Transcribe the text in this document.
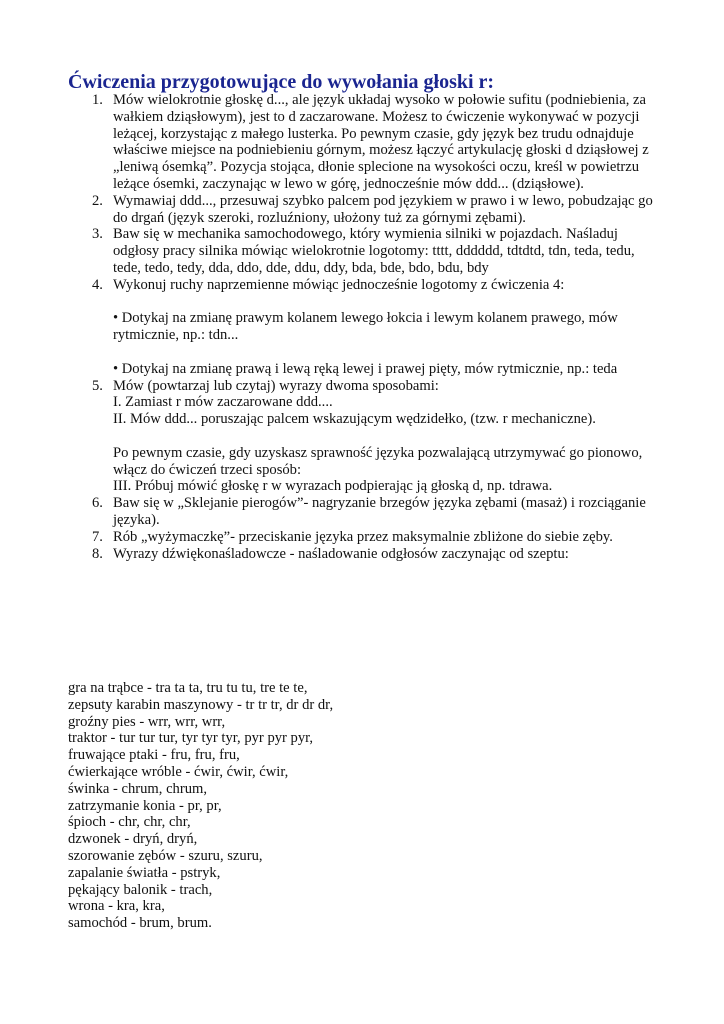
Ćwiczenia przygotowujące do wywołania głoski r:
1. Mów wielokrotnie głoskę d..., ale język układaj wysoko w połowie sufitu (podniebienia, za wałkiem dziąsłowym), jest to d zaczarowane. Możesz to ćwiczenie wykonywać w pozycji leżącej, korzystając z małego lusterka. Po pewnym czasie, gdy język bez trudu odnajduje właściwe miejsce na podniebieniu górnym, możesz łączyć artykulację głoski d dziąsłowej z „leniwą ósemką”. Pozycja stojąca, dłonie splecione na wysokości oczu, kreśl w powietrzu leżące ósemki, zaczynając w lewo w górę, jednocześnie mów ddd... (dziąsłowe).

2. Wymawiaj ddd..., przesuwaj szybko palcem pod językiem w prawo i w lewo, pobudzając go do drgań (język szeroki, rozluźniony, ułożony tuż za górnymi zębami).

3. Baw się w mechanika samochodowego, który wymienia silniki w pojazdach. Naśladuj odgłosy pracy silnika mówiąc wielokrotnie logotomy: tttt, dddddd, tdtdtd, tdn, teda, tedu, tede, tedo, tedy, dda, ddo, dde, ddu, ddy, bda, bde, bdo, bdu, bdy

4. Wykonuj ruchy naprzemienne mówiąc jednocześnie logotomy z ćwiczenia 4:

• Dotykaj na zmianę prawym kolanem lewego łokcia i lewym kolanem prawego, mów rytmicznie, np.: tdn...

• Dotykaj na zmianę prawą i lewą ręką lewej i prawej pięty, mów rytmicznie, np.: teda

5. Mów (powtarzaj lub czytaj) wyrazy dwoma sposobami:
I. Zamiast r mów zaczarowane ddd....
II. Mów ddd... poruszając palcem wskazującym wędzidełko, (tzw. r mechaniczne).

Po pewnym czasie, gdy uzyskasz sprawność języka pozwalającą utrzymywać go pionowo, włącz do ćwiczeń trzeci sposób:
III. Próbuj mówić głoskę r w wyrazach podpierając ją głoską d, np. tdrawa.

6. Baw się w „Sklejanie pierogów”- nagryzanie brzegów języka zębami (masaż) i rozciąganie języka).

7. Rób „wyżymaczkę”- przeciskanie języka przez maksymalnie zbliżone do siebie zęby.

8. Wyrazy dźwiękonaśladowcze - naśladowanie odgłosów zaczynając od szeptu:

gra na trąbce - tra ta ta, tru tu tu, tre te te,
zepsuty karabin maszynowy - tr tr tr, dr dr dr,
groźny pies - wrr, wrr, wrr,
traktor - tur tur tur, tyr tyr tyr, pyr pyr pyr,
fruwające ptaki - fru, fru, fru,
ćwierkające wróble - ćwir, ćwir, ćwir,
świnka - chrum, chrum,
zatrzymanie konia - pr, pr,
śpioch - chr, chr, chr,
dzwonek - dryń, dryń,
szorowanie zębów - szuru, szuru,
zapalanie światła - pstryk,
pękający balonik - trach,
wrona - kra, kra,
samochód - brum, brum.
